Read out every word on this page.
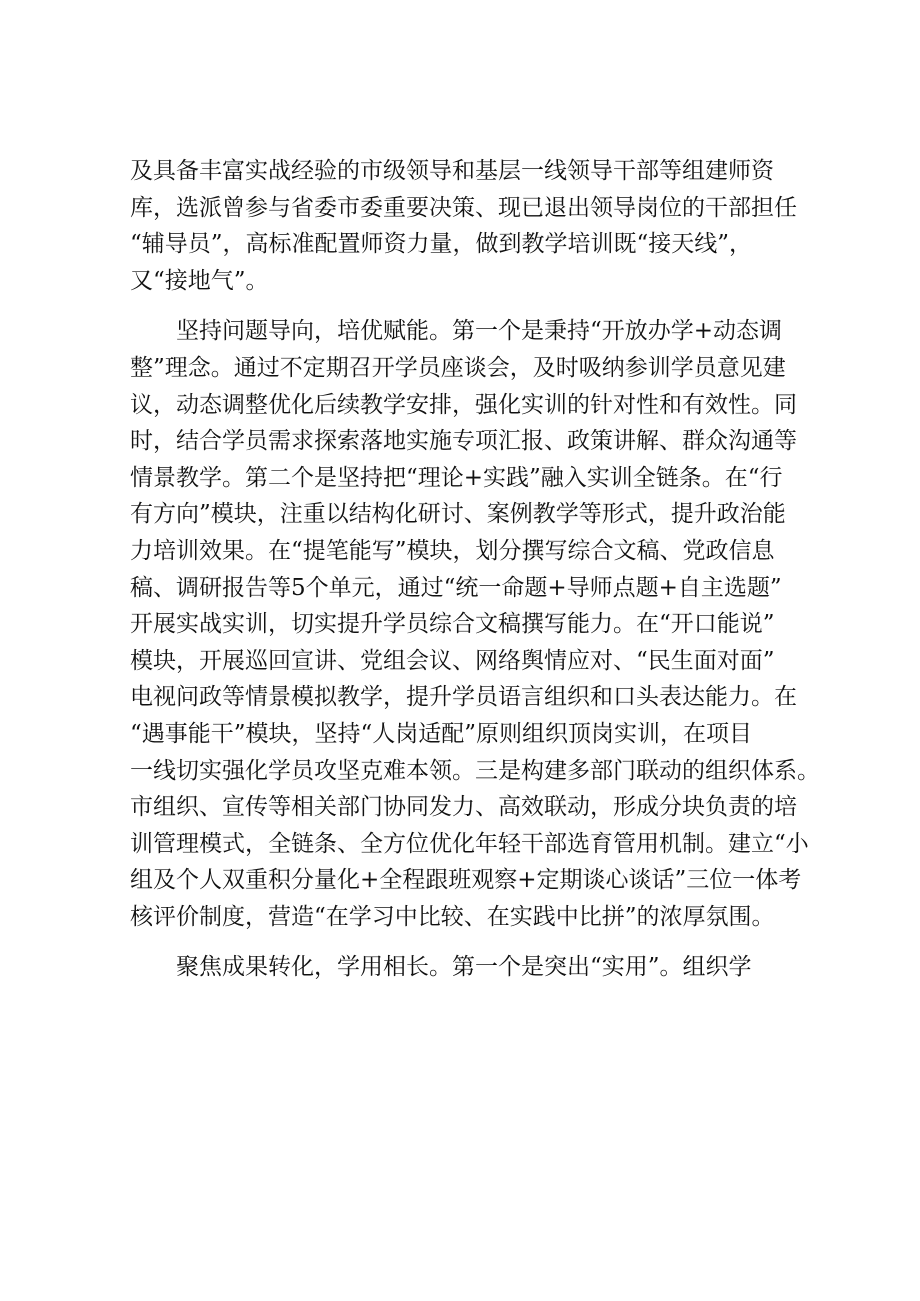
及具备丰富实战经验的市级领导和基层一线领导干部等组建师资
库，选派曾参与省委市委重要决策、现已退出领导岗位的干部担任
“辅导员”，高标准配置师资力量，做到教学培训既“接天线”，
又“接地气”。

坚持问题导向，培优赋能。第一个是秉持“开放办学+动态调
整”理念。通过不定期召开学员座谈会，及时吸纳参训学员意见建
议，动态调整优化后续教学安排，强化实训的针对性和有效性。同
时，结合学员需求探索落地实施专项汇报、政策讲解、群众沟通等
情景教学。第二个是坚持把“理论+实践”融入实训全链条。在“行
有方向”模块，注重以结构化研讨、案例教学等形式，提升政治能
力培训效果。在“提笔能写”模块，划分撰写综合文稿、党政信息
稿、调研报告等5个单元，通过“统一命题+导师点题+自主选题”
开展实战实训，切实提升学员综合文稿撰写能力。在“开口能说”
模块，开展巡回宣讲、党组会议、网络舆情应对、“民生面对面”
电视问政等情景模拟教学，提升学员语言组织和口头表达能力。在
“遇事能干”模块，坚持“人岗适配”原则组织顶岗实训，在项目
一线切实强化学员攻坚克难本领。三是构建多部门联动的组织体系。
市组织、宣传等相关部门协同发力、高效联动，形成分块负责的培
训管理模式，全链条、全方位优化年轻干部选育管用机制。建立“小
组及个人双重积分量化+全程跟班观察+定期谈心谈话”三位一体考
核评价制度，营造“在学习中比较、在实践中比拼”的浓厚氛围。

聚焦成果转化，学用相长。第一个是突出“实用”。组织学
